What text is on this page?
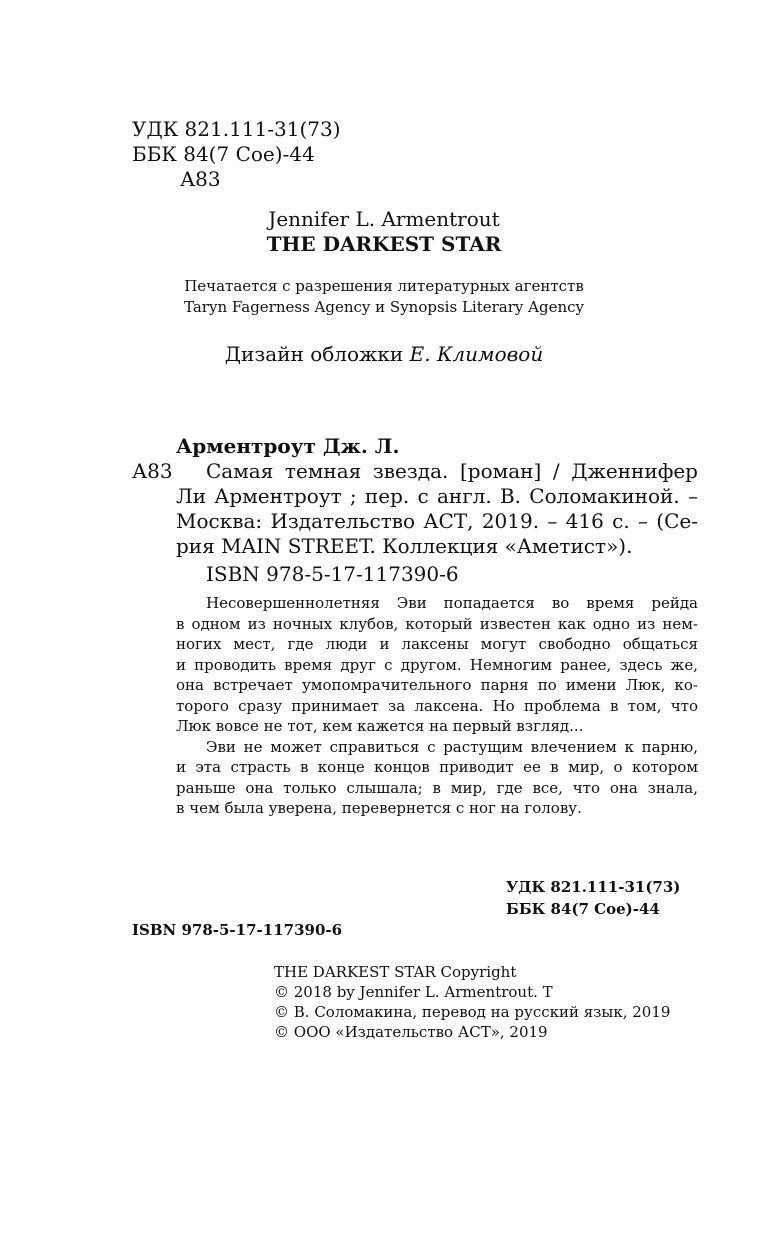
УДК 821.111-31(73)
ББК 84(7 Сое)-44
А83
Jennifer L. Armentrout
THE DARKEST STAR
Печатается с разрешения литературных агентств
Taryn Fagerness Agency и Synopsis Literary Agency
Дизайн обложки Е. Климовой
Арментроут Дж. Л.
А83 Самая темная звезда. [роман] / Дженнифер
Ли Арментроут ; пер. с англ. В. Соломакиной. –
Москва: Издательство АСТ, 2019. – 416 с. – (Се-
рия MAIN STREET. Коллекция «Аметист»).
ISBN 978-5-17-117390-6
Несовершеннолетняя Эви попадается во время рейда
в одном из ночных клубов, который известен как одно из нем-
ногих мест, где люди и лаксены могут свободно общаться
и проводить время друг с другом. Немногим ранее, здесь же,
она встречает умопомрачительного парня по имени Люк, ко-
торого сразу принимает за лаксена. Но проблема в том, что
Люк вовсе не тот, кем кажется на первый взгляд...
Эви не может справиться с растущим влечением к парню,
и эта страсть в конце концов приводит ее в мир, о котором
раньше она только слышала; в мир, где все, что она знала,
в чем была уверена, перевернется с ног на голову.
УДК 821.111-31(73)
ББК 84(7 Сое)-44
ISBN 978-5-17-117390-6
THE DARKEST STAR Copyright
© 2018 by Jennifer L. Armentrout. Т
© В. Соломакина, перевод на русский язык, 2019
© ООО «Издательство АСТ», 2019
